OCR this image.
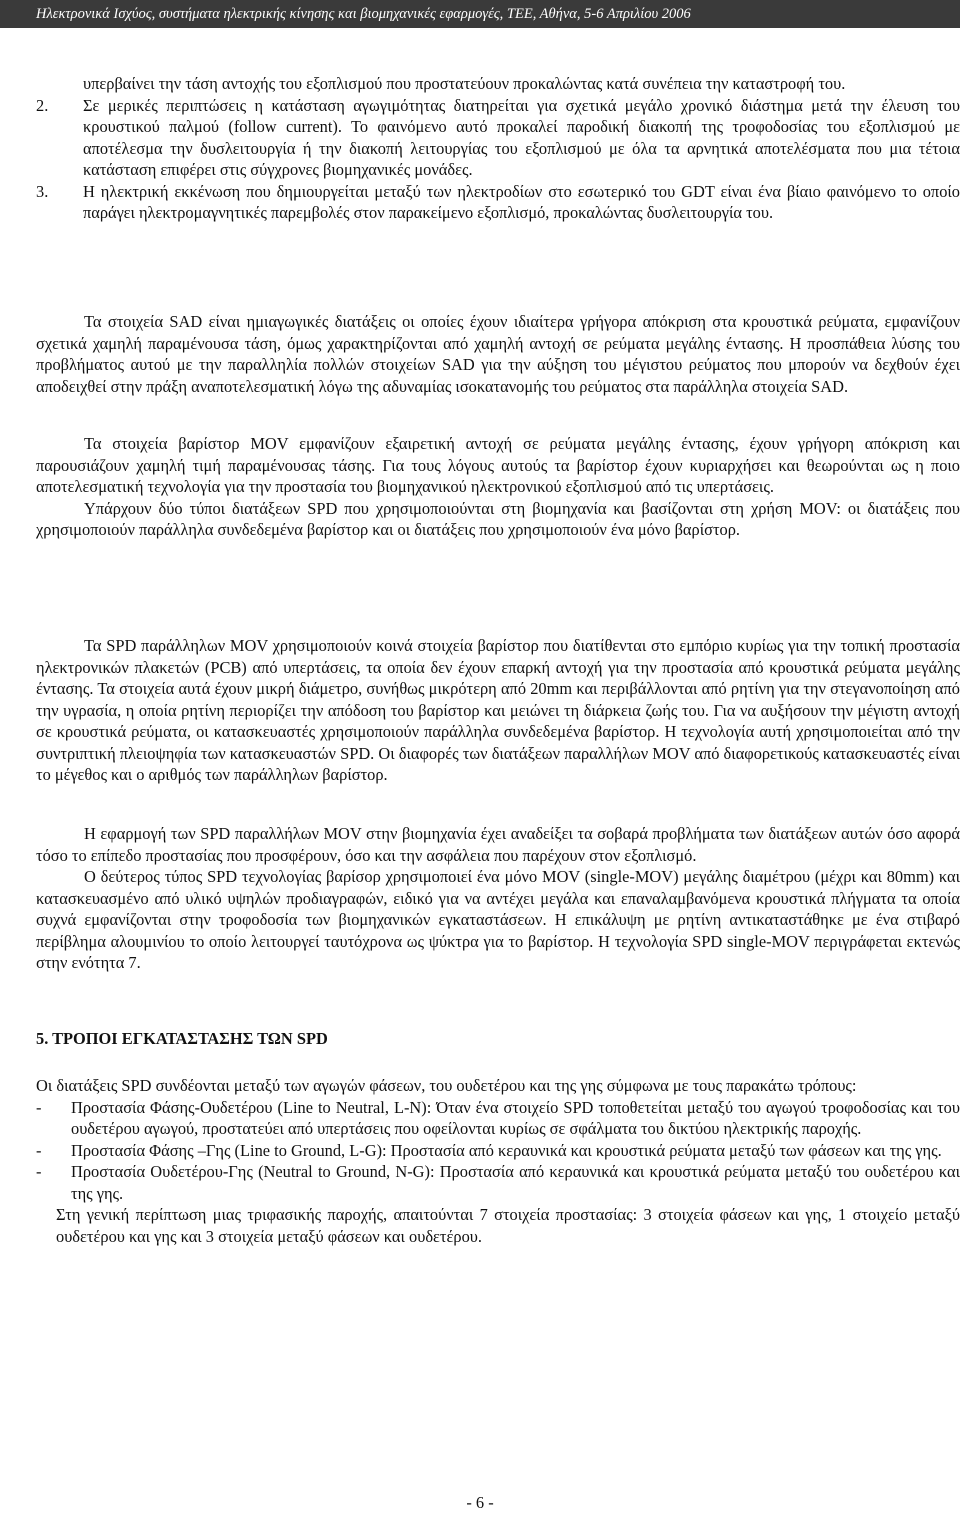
Ηλεκτρονικά Ισχύος, συστήματα ηλεκτρικής κίνησης και βιομηχανικές εφαρμογές, ΤΕΕ, Αθήνα, 5-6 Απριλίου 2006

υπερβαίνει την τάση αντοχής του εξοπλισμού που προστατεύουν προκαλώντας κατά συνέπεια την καταστροφή του.

2. Σε μερικές περιπτώσεις η κατάσταση αγωγιμότητας διατηρείται για σχετικά μεγάλο χρονικό διάστημα μετά την έλευση του κρουστικού παλμού (follow current). Το φαινόμενο αυτό προκαλεί παροδική διακοπή της τροφοδοσίας του εξοπλισμού με αποτέλεσμα την δυσλειτουργία ή την διακοπή λειτουργίας του εξοπλισμού με όλα τα αρνητικά αποτελέσματα που μια τέτοια κατάσταση επιφέρει στις σύγχρονες βιομηχανικές μονάδες.
3. Η ηλεκτρική εκκένωση που δημιουργείται μεταξύ των ηλεκτροδίων στο εσωτερικό του GDT είναι ένα βίαιο φαινόμενο το οποίο παράγει ηλεκτρομαγνητικές παρεμβολές στον παρακείμενο εξοπλισμό, προκαλώντας δυσλειτουργία του.

Τα στοιχεία SAD είναι ημιαγωγικές διατάξεις οι οποίες έχουν ιδιαίτερα γρήγορα απόκριση στα κρουστικά ρεύματα, εμφανίζουν σχετικά χαμηλή παραμένουσα τάση, όμως χαρακτηρίζονται από χαμηλή αντοχή σε ρεύματα μεγάλης έντασης. Η προσπάθεια λύσης του προβλήματος αυτού με την παραλληλία πολλών στοιχείων SAD για την αύξηση του μέγιστου ρεύματος που μπορούν να δεχθούν έχει αποδειχθεί στην πράξη αναποτελεσματική λόγω της αδυναμίας ισοκατανομής του ρεύματος στα παράλληλα στοιχεία SAD.

Τα στοιχεία βαρίστορ MOV εμφανίζουν εξαιρετική αντοχή σε ρεύματα μεγάλης έντασης, έχουν γρήγορη απόκριση και παρουσιάζουν χαμηλή τιμή παραμένουσας τάσης. Για τους λόγους αυτούς τα βαρίστορ έχουν κυριαρχήσει και θεωρούνται ως η ποιο αποτελεσματική τεχνολογία για την προστασία του βιομηχανικού ηλεκτρονικού εξοπλισμού από τις υπερτάσεις.

Υπάρχουν δύο τύποι διατάξεων SPD που χρησιμοποιούνται στη βιομηχανία και βασίζονται στη χρήση MOV: οι διατάξεις που χρησιμοποιούν παράλληλα συνδεδεμένα βαρίστορ και οι διατάξεις που χρησιμοποιούν ένα μόνο βαρίστορ.

Τα SPD παράλληλων MOV χρησιμοποιούν κοινά στοιχεία βαρίστορ που διατίθενται στο εμπόριο κυρίως για την τοπική προστασία ηλεκτρονικών πλακετών (PCB) από υπερτάσεις, τα οποία δεν έχουν επαρκή αντοχή για την προστασία από κρουστικά ρεύματα μεγάλης έντασης. Τα στοιχεία αυτά έχουν μικρή διάμετρο, συνήθως μικρότερη από 20mm και περιβάλλονται από ρητίνη για την στεγανοποίηση από την υγρασία, η οποία ρητίνη περιορίζει την απόδοση του βαρίστορ και μειώνει τη διάρκεια ζωής του. Για να αυξήσουν την μέγιστη αντοχή σε κρουστικά ρεύματα, οι κατασκευαστές χρησιμοποιούν παράλληλα συνδεδεμένα βαρίστορ. Η τεχνολογία αυτή χρησιμοποιείται από την συντριπτική πλειοψηφία των κατασκευαστών SPD. Οι διαφορές των διατάξεων παραλλήλων MOV από διαφορετικούς κατασκευαστές είναι το μέγεθος και ο αριθμός των παράλληλων βαρίστορ.

Η εφαρμογή των SPD παραλλήλων MOV στην βιομηχανία έχει αναδείξει τα σοβαρά προβλήματα των διατάξεων αυτών όσο αφορά τόσο το επίπεδο προστασίας που προσφέρουν, όσο και την ασφάλεια που παρέχουν στον εξοπλισμό.

Ο δεύτερος τύπος SPD τεχνολογίας βαρίσορ χρησιμοποιεί ένα μόνο MOV (single-MOV) μεγάλης διαμέτρου (μέχρι και 80mm) και κατασκευασμένο από υλικό υψηλών προδιαγραφών, ειδικό για να αντέχει μεγάλα και επαναλαμβανόμενα κρουστικά πλήγματα τα οποία συχνά εμφανίζονται στην τροφοδοσία των βιομηχανικών εγκαταστάσεων. Η επικάλυψη με ρητίνη αντικαταστάθηκε με ένα στιβαρό περίβλημα αλουμινίου το οποίο λειτουργεί ταυτόχρονα ως ψύκτρα για το βαρίστορ. Η τεχνολογία SPD single-MOV περιγράφεται εκτενώς στην ενότητα 7.

5. ΤΡΟΠΟΙ ΕΓΚΑΤΑΣΤΑΣΗΣ ΤΩΝ SPD

Οι διατάξεις SPD συνδέονται μεταξύ των αγωγών φάσεων, του ουδετέρου και της γης σύμφωνα με τους παρακάτω τρόπους:

- Προστασία Φάσης-Ουδετέρου (Line to Neutral, L-N): Όταν ένα στοιχείο SPD τοποθετείται μεταξύ του αγωγού τροφοδοσίας και του ουδετέρου αγωγού, προστατεύει από υπερτάσεις που οφείλονται κυρίως σε σφάλματα του δικτύου ηλεκτρικής παροχής.
- Προστασία Φάσης –Γης (Line to Ground, L-G): Προστασία από κεραυνικά και κρουστικά ρεύματα μεταξύ των φάσεων και της γης.
- Προστασία Ουδετέρου-Γης (Neutral to Ground, N-G): Προστασία από κεραυνικά και κρουστικά ρεύματα μεταξύ του ουδετέρου και της γης.

Στη γενική περίπτωση μιας τριφασικής παροχής, απαιτούνται 7 στοιχεία προστασίας: 3 στοιχεία φάσεων και γης, 1 στοιχείο μεταξύ ουδετέρου και γης και 3 στοιχεία μεταξύ φάσεων και ουδετέρου.

- 6 -
